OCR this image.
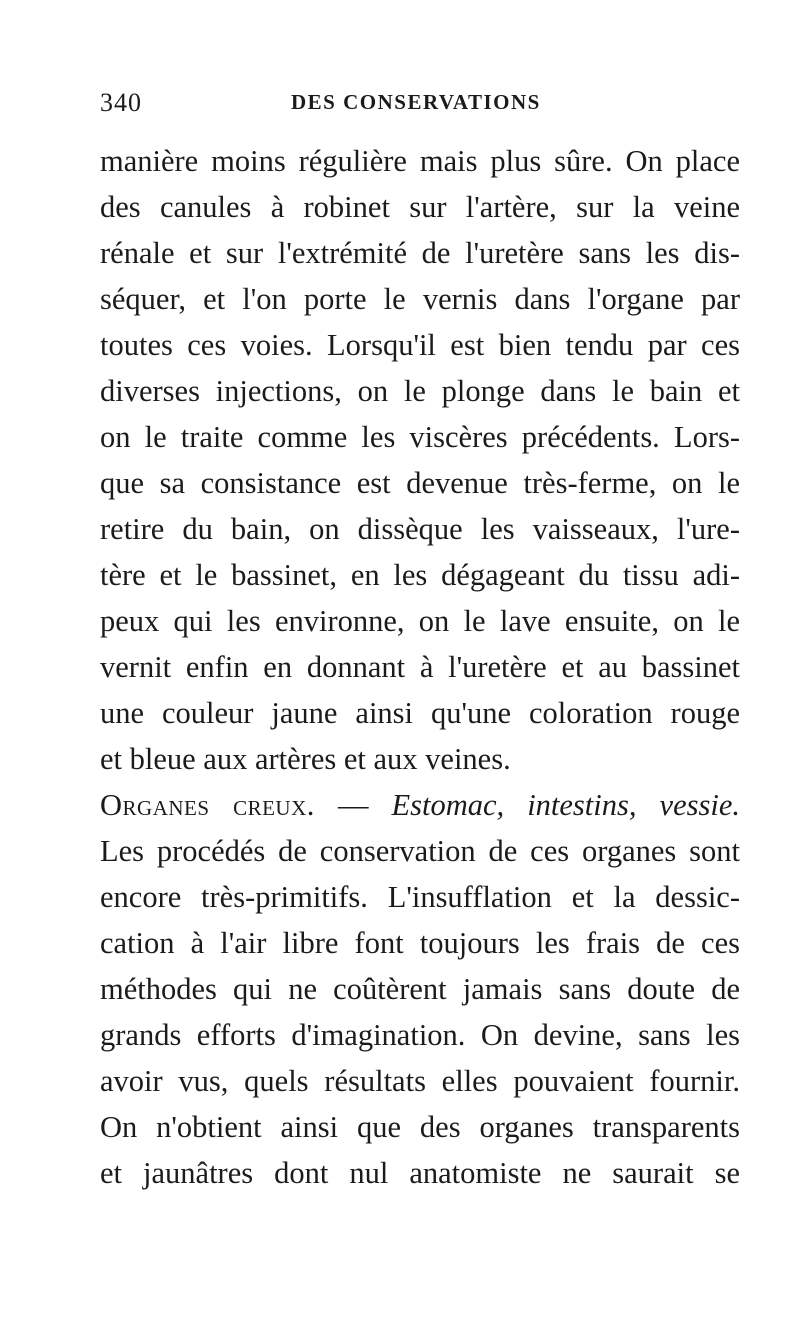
340	DES CONSERVATIONS
manière moins régulière mais plus sûre. On place
des canules à robinet sur l'artère, sur la veine
rénale et sur l'extrémité de l'uretère sans les dis-
séquer, et l'on porte le vernis dans l'organe par
toutes ces voies. Lorsqu'il est bien tendu par ces
diverses injections, on le plonge dans le bain et
on le traite comme les viscères précédents. Lors-
que sa consistance est devenue très-ferme, on le
retire du bain, on dissèque les vaisseaux, l'ure-
tère et le bassinet, en les dégageant du tissu adi-
peux qui les environne, on le lave ensuite, on le
vernit enfin en donnant à l'uretère et au bassinet
une couleur jaune ainsi qu'une coloration rouge
et bleue aux artères et aux veines.
Organes creux. — Estomac, intestins, vessie.
Les procédés de conservation de ces organes sont
encore très-primitifs. L'insufflation et la dessic-
cation à l'air libre font toujours les frais de ces
méthodes qui ne coûtèrent jamais sans doute de
grands efforts d'imagination. On devine, sans les
avoir vus, quels résultats elles pouvaient fournir.
On n'obtient ainsi que des organes transparents
et jaunâtres dont nul anatomiste ne saurait se
